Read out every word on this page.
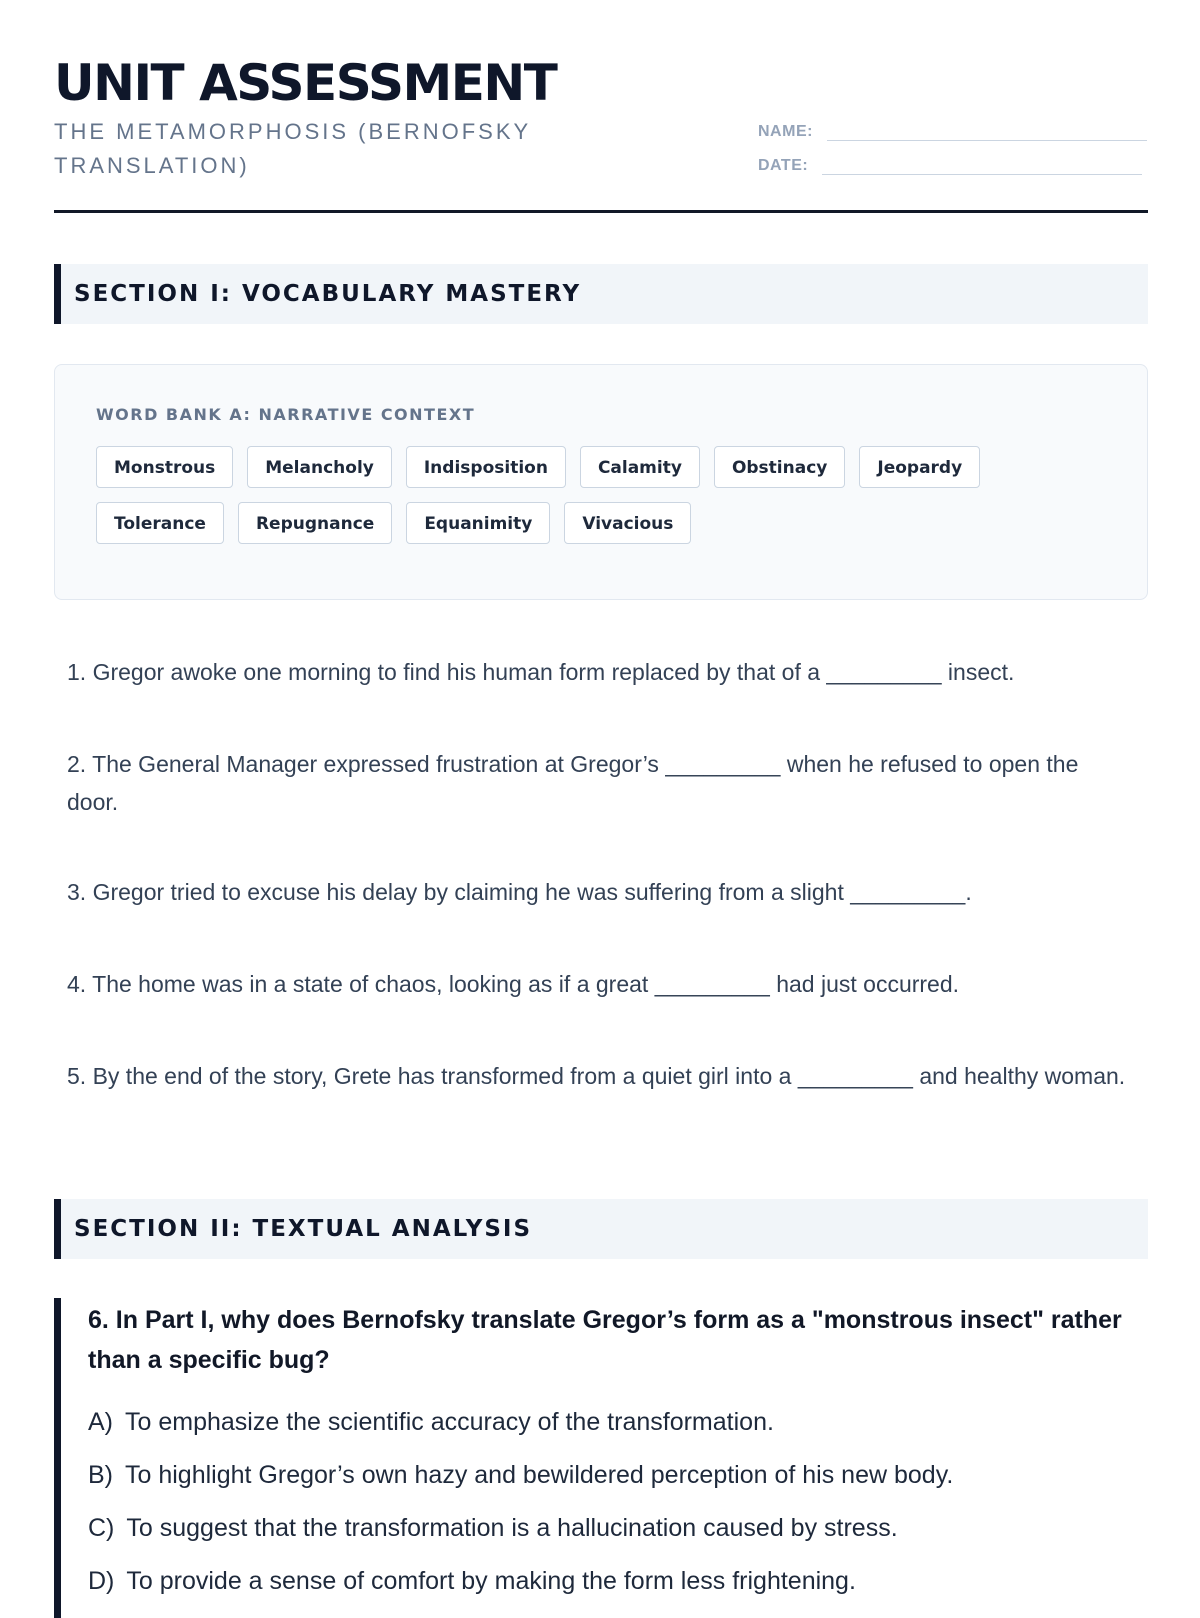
UNIT ASSESSMENT

THE METAMORPHOSIS (BERNOFSKY TRANSLATION)

NAME:
DATE:
SECTION I: VOCABULARY MASTERY

WORD BANK A: NARRATIVE CONTEXT

Monstrous	Melancholy	Indisposition	Calamity	Obstinacy	Jeopardy
Tolerance	Repugnance	Equanimity	Vivacious

1. Gregor awoke one morning to find his human form replaced by that of a _________ insect.

2. The General Manager expressed frustration at Gregor’s _________ when he refused to open the door.

3. Gregor tried to excuse his delay by claiming he was suffering from a slight _________.

4. The home was in a state of chaos, looking as if a great _________ had just occurred.

5. By the end of the story, Grete has transformed from a quiet girl into a _________ and healthy woman.

SECTION II: TEXTUAL ANALYSIS

6. In Part I, why does Bernofsky translate Gregor’s form as a "monstrous insect" rather than a specific bug?

A) To emphasize the scientific accuracy of the transformation.
B) To highlight Gregor’s own hazy and bewildered perception of his new body.
C) To suggest that the transformation is a hallucination caused by stress.
D) To provide a sense of comfort by making the form less frightening.
